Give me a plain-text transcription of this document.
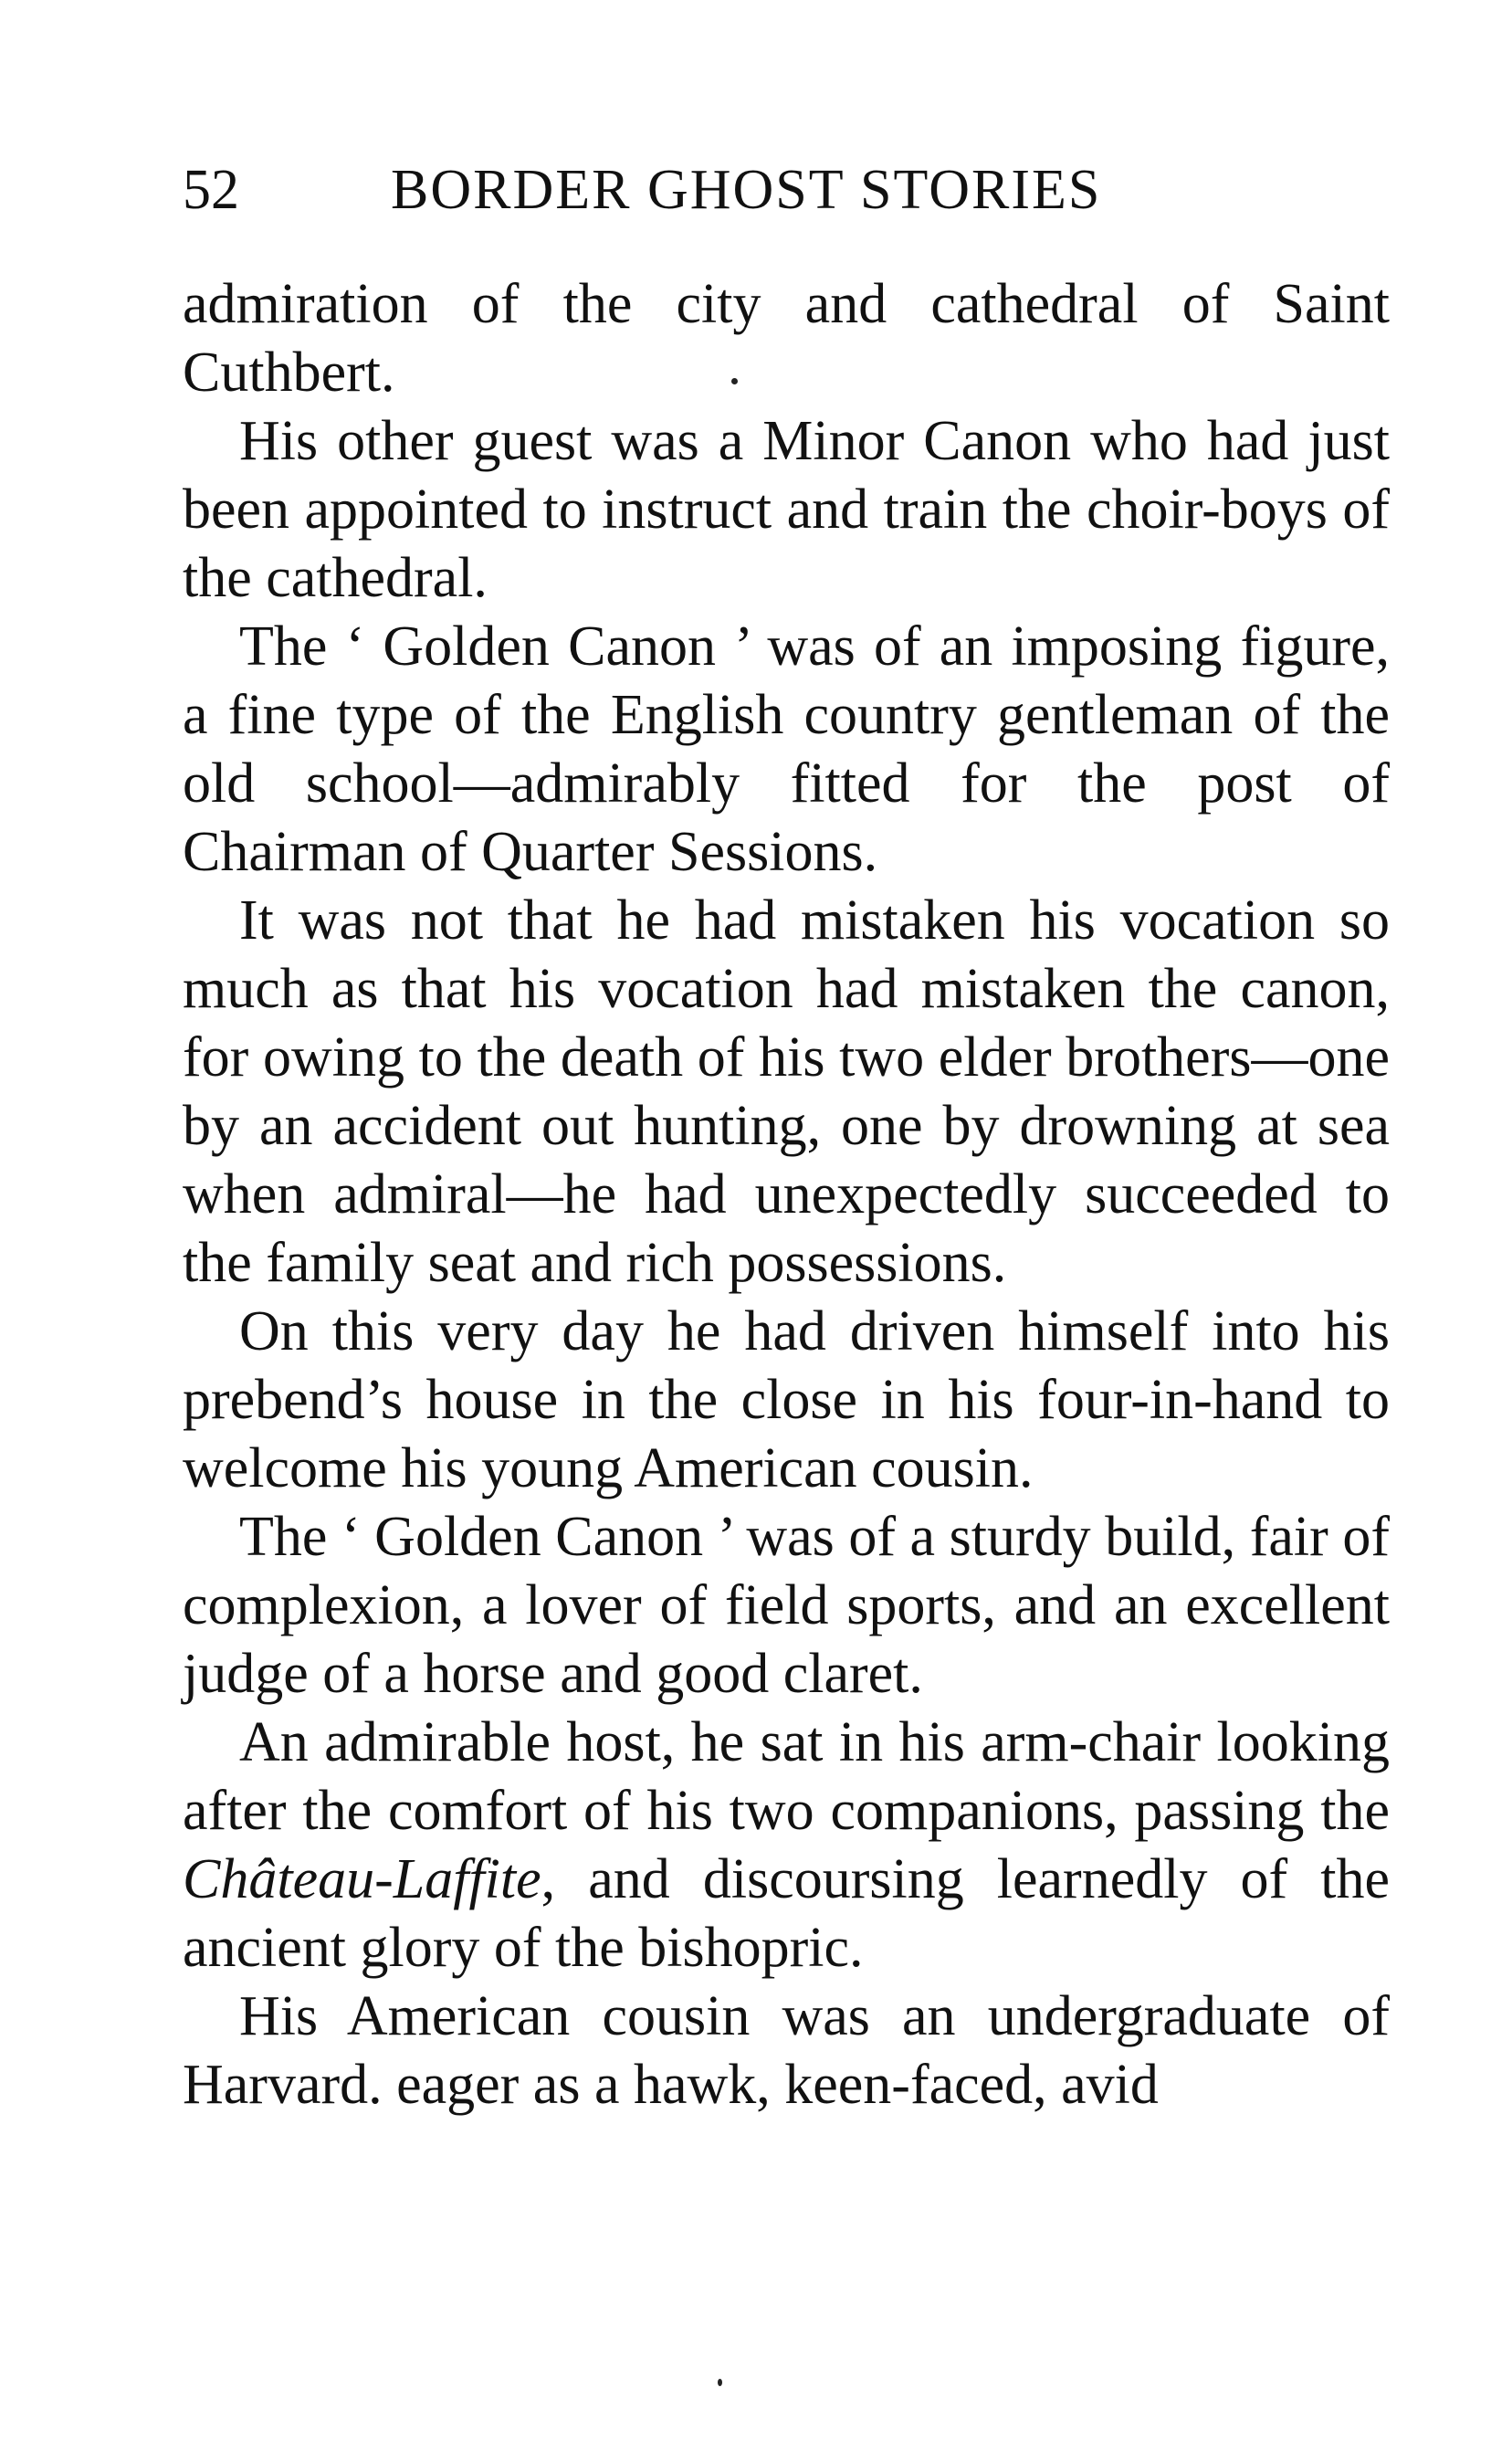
52	BORDER GHOST STORIES

admiration of the city and cathedral of Saint Cuthbert.

His other guest was a Minor Canon who had just been appointed to instruct and train the choir-boys of the cathedral.

The ‘ Golden Canon ’ was of an imposing figure, a fine type of the English country gentleman of the old school—admirably fitted for the post of Chairman of Quarter Sessions.

It was not that he had mistaken his vocation so much as that his vocation had mistaken the canon, for owing to the death of his two elder brothers—one by an accident out hunting, one by drowning at sea when admiral—he had unexpectedly succeeded to the family seat and rich possessions.

On this very day he had driven himself into his prebend’s house in the close in his four-in-hand to welcome his young American cousin.

The ‘ Golden Canon ’ was of a sturdy build, fair of complexion, a lover of field sports, and an excellent judge of a horse and good claret.

An admirable host, he sat in his arm-chair looking after the comfort of his two companions, passing the Château-Laffite, and discoursing learnedly of the ancient glory of the bishopric.

His American cousin was an undergraduate of Harvard. eager as a hawk, keen-faced, avid
